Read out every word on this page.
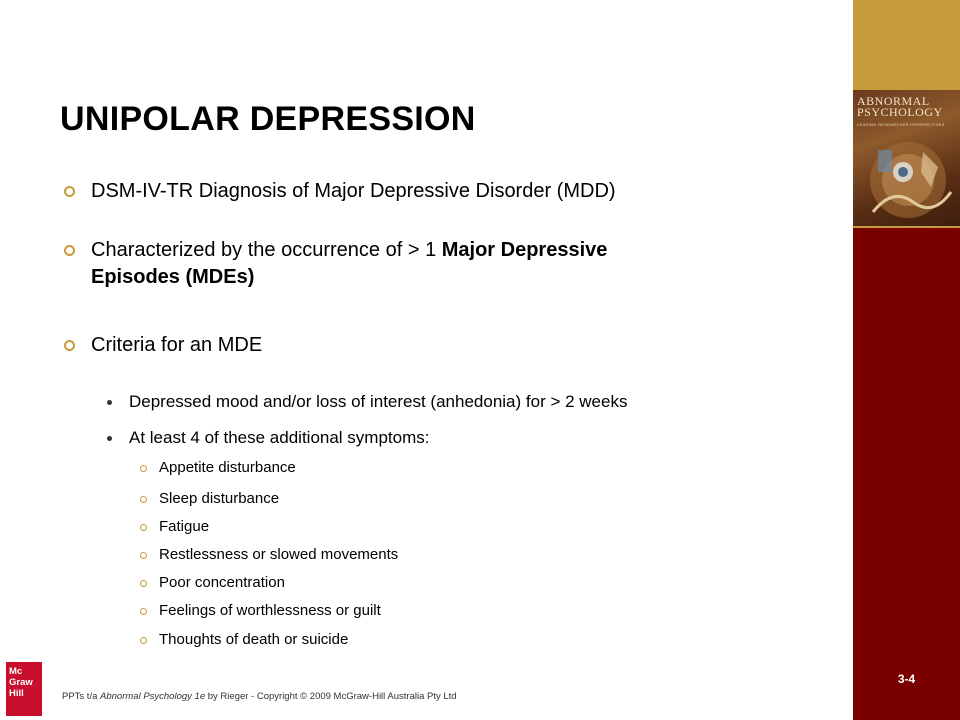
ABNORMAL
PSYCHOLOGY
LEADING RESEARCHER PERSPECTIVES
3-4
UNIPOLAR DEPRESSION
DSM-IV-TR Diagnosis of Major Depressive Disorder (MDD)
Characterized by the occurrence of > 1 Major Depressive
Episodes (MDEs)
Criteria for an MDE
Depressed mood and/or loss of interest (anhedonia) for > 2 weeks
At least 4 of these additional symptoms:
Appetite disturbance
Sleep disturbance
Fatigue
Restlessness or slowed movements
Poor concentration
Feelings of worthlessness or guilt
Thoughts of death or suicide
Mc
Graw
Hill	PPTs t/a Abnormal Psychology 1e by Rieger - Copyright © 2009 McGraw-Hill Australia Pty Ltd
